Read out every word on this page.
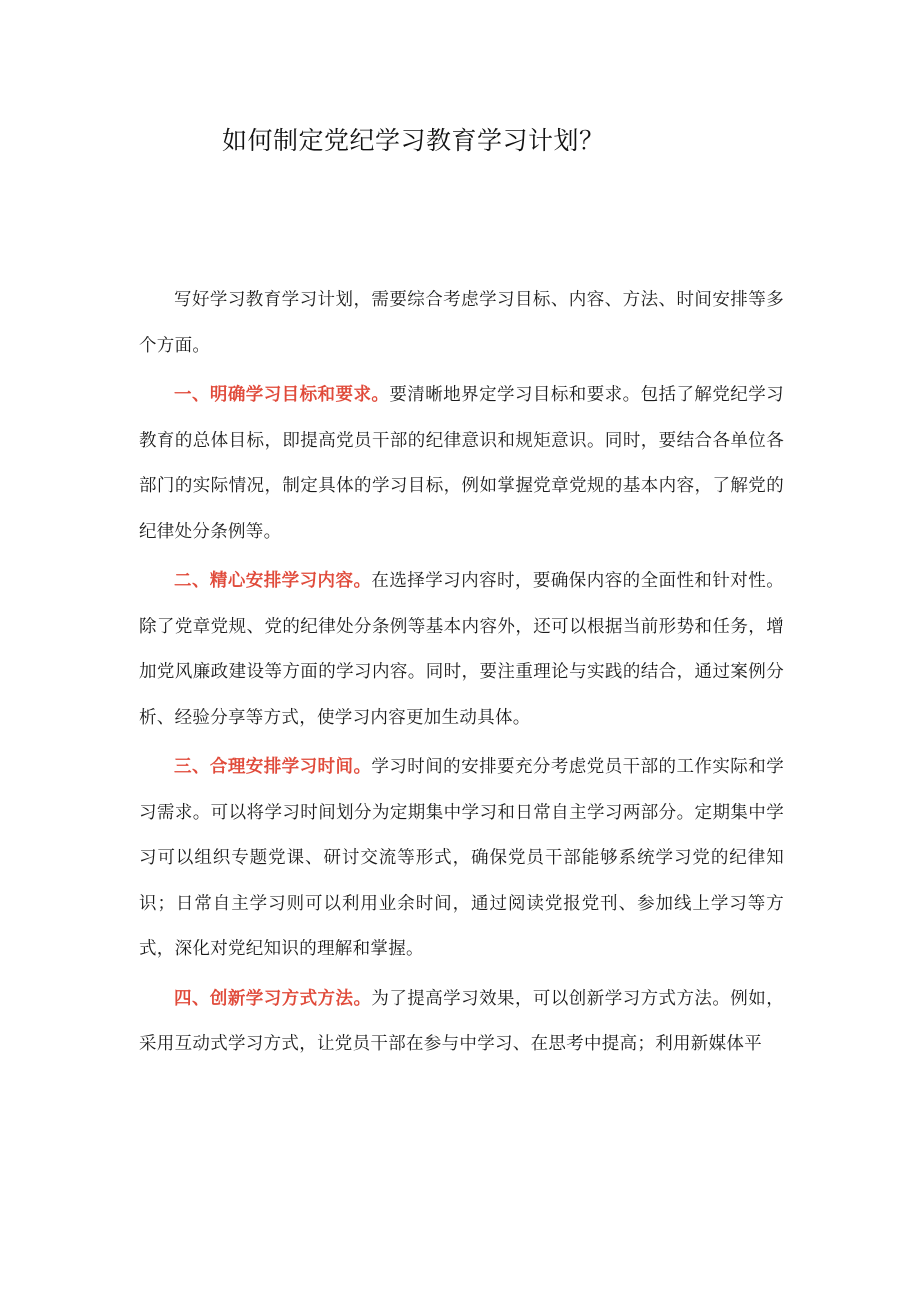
如何制定党纪学习教育学习计划？

写好学习教育学习计划，需要综合考虑学习目标、内容、方法、时间安排等多个方面。

一、明确学习目标和要求。要清晰地界定学习目标和要求。包括了解党纪学习教育的总体目标，即提高党员干部的纪律意识和规矩意识。同时，要结合各单位各部门的实际情况，制定具体的学习目标，例如掌握党章党规的基本内容，了解党的纪律处分条例等。

二、精心安排学习内容。在选择学习内容时，要确保内容的全面性和针对性。除了党章党规、党的纪律处分条例等基本内容外，还可以根据当前形势和任务，增加党风廉政建设等方面的学习内容。同时，要注重理论与实践的结合，通过案例分析、经验分享等方式，使学习内容更加生动具体。

三、合理安排学习时间。学习时间的安排要充分考虑党员干部的工作实际和学习需求。可以将学习时间划分为定期集中学习和日常自主学习两部分。定期集中学习可以组织专题党课、研讨交流等形式，确保党员干部能够系统学习党的纪律知识；日常自主学习则可以利用业余时间，通过阅读党报党刊、参加线上学习等方式，深化对党纪知识的理解和掌握。

四、创新学习方式方法。为了提高学习效果，可以创新学习方式方法。例如，采用互动式学习方式，让党员干部在参与中学习、在思考中提高；利用新媒体平
